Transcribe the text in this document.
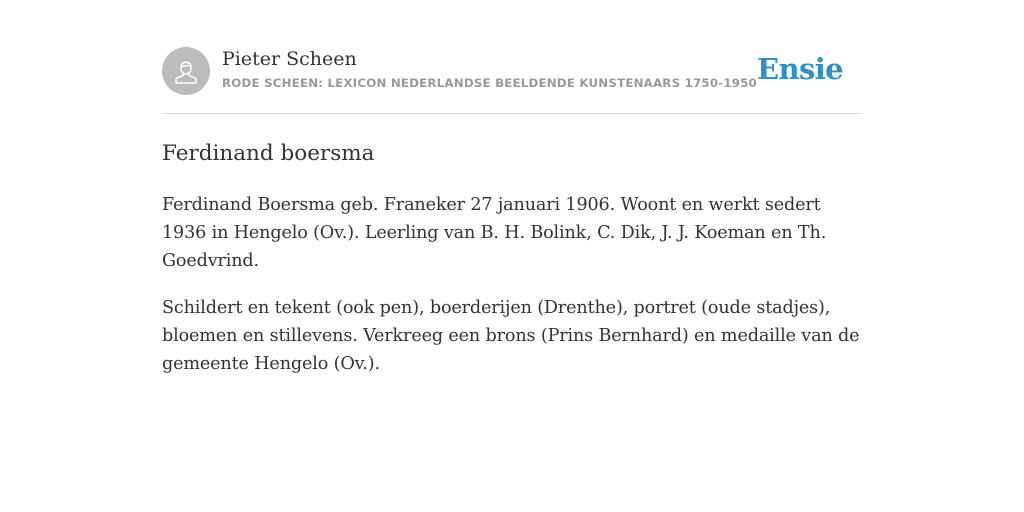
Pieter Scheen
RODE SCHEEN: LEXICON NEDERLANDSE BEELDENDE KUNSTENAARS 1750-1950 Ensie
Ferdinand boersma

Ferdinand Boersma geb. Franeker 27 januari 1906. Woont en werkt sedert 1936 in Hengelo (Ov.). Leerling van B. H. Bolink, C. Dik, J. J. Koeman en Th. Goedvrind.

Schildert en tekent (ook pen), boerderijen (Drenthe), portret (oude stadjes), bloemen en stillevens. Verkreeg een brons (Prins Bernhard) en medaille van de gemeente Hengelo (Ov.).
